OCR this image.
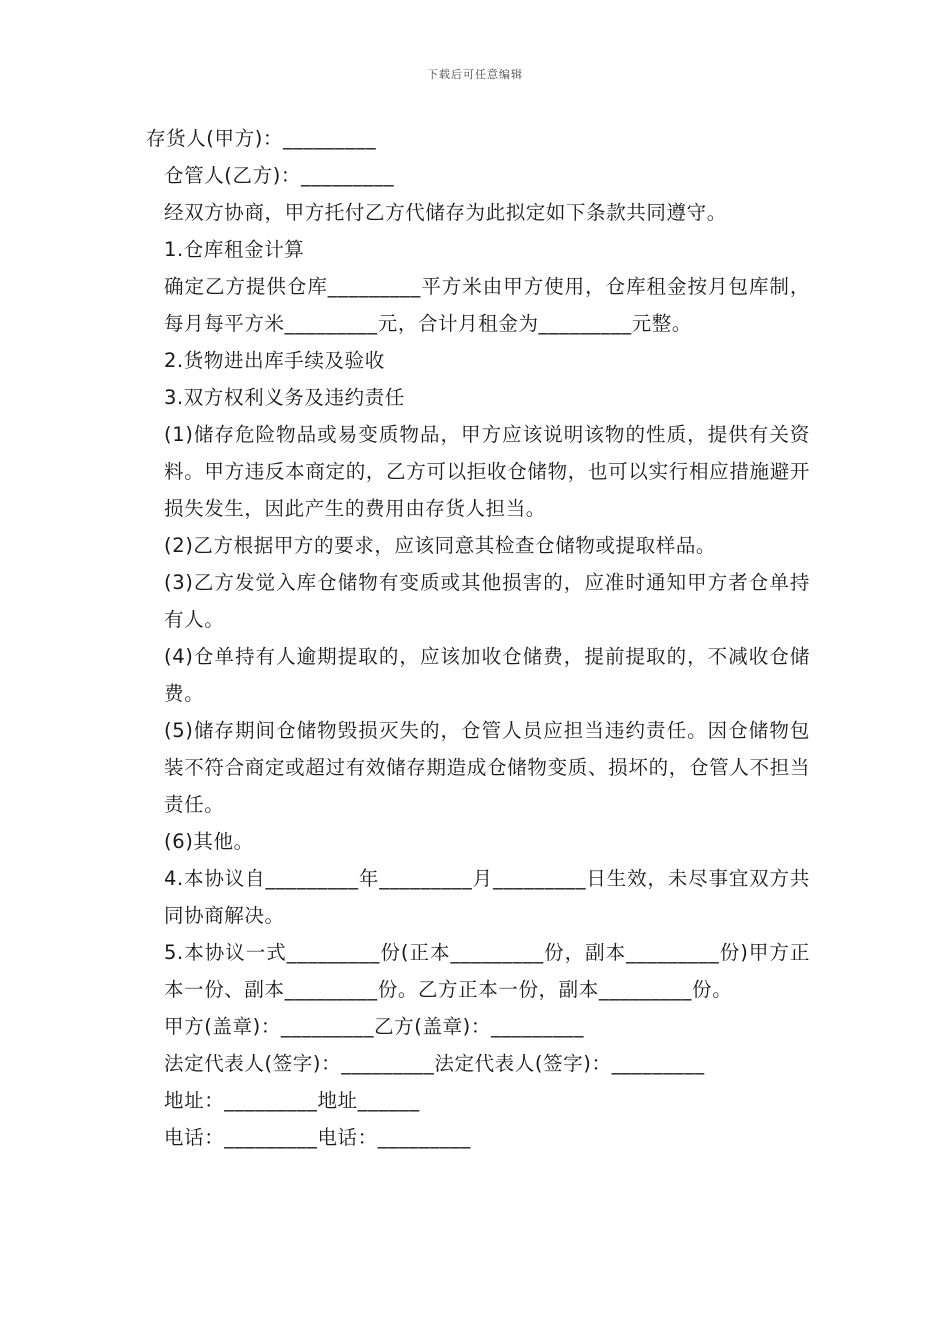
下载后可任意编辑

存货人(甲方)：_________

仓管人(乙方)：_________

经双方协商，甲方托付乙方代储存为此拟定如下条款共同遵守。

1.仓库租金计算

确定乙方提供仓库_________平方米由甲方使用，仓库租金按月包库制，每月每平方米_________元，合计月租金为_________元整。

2.货物进出库手续及验收

3.双方权利义务及违约责任

(1)储存危险物品或易变质物品，甲方应该说明该物的性质，提供有关资料。甲方违反本商定的，乙方可以拒收仓储物，也可以实行相应措施避开损失发生，因此产生的费用由存货人担当。

(2)乙方根据甲方的要求，应该同意其检查仓储物或提取样品。

(3)乙方发觉入库仓储物有变质或其他损害的，应准时通知甲方者仓单持有人。

(4)仓单持有人逾期提取的，应该加收仓储费，提前提取的，不减收仓储费。

(5)储存期间仓储物毁损灭失的，仓管人员应担当违约责任。因仓储物包装不符合商定或超过有效储存期造成仓储物变质、损坏的，仓管人不担当责任。

(6)其他。

4.本协议自_________年_________月_________日生效，未尽事宜双方共同协商解决。

5.本协议一式_________份(正本_________份，副本_________份)甲方正本一份、副本_________份。乙方正本一份，副本_________份。

甲方(盖章)：_________乙方(盖章)：_________

法定代表人(签字)：_________法定代表人(签字)：_________

地址：_________地址______

电话：_________电话：_________
